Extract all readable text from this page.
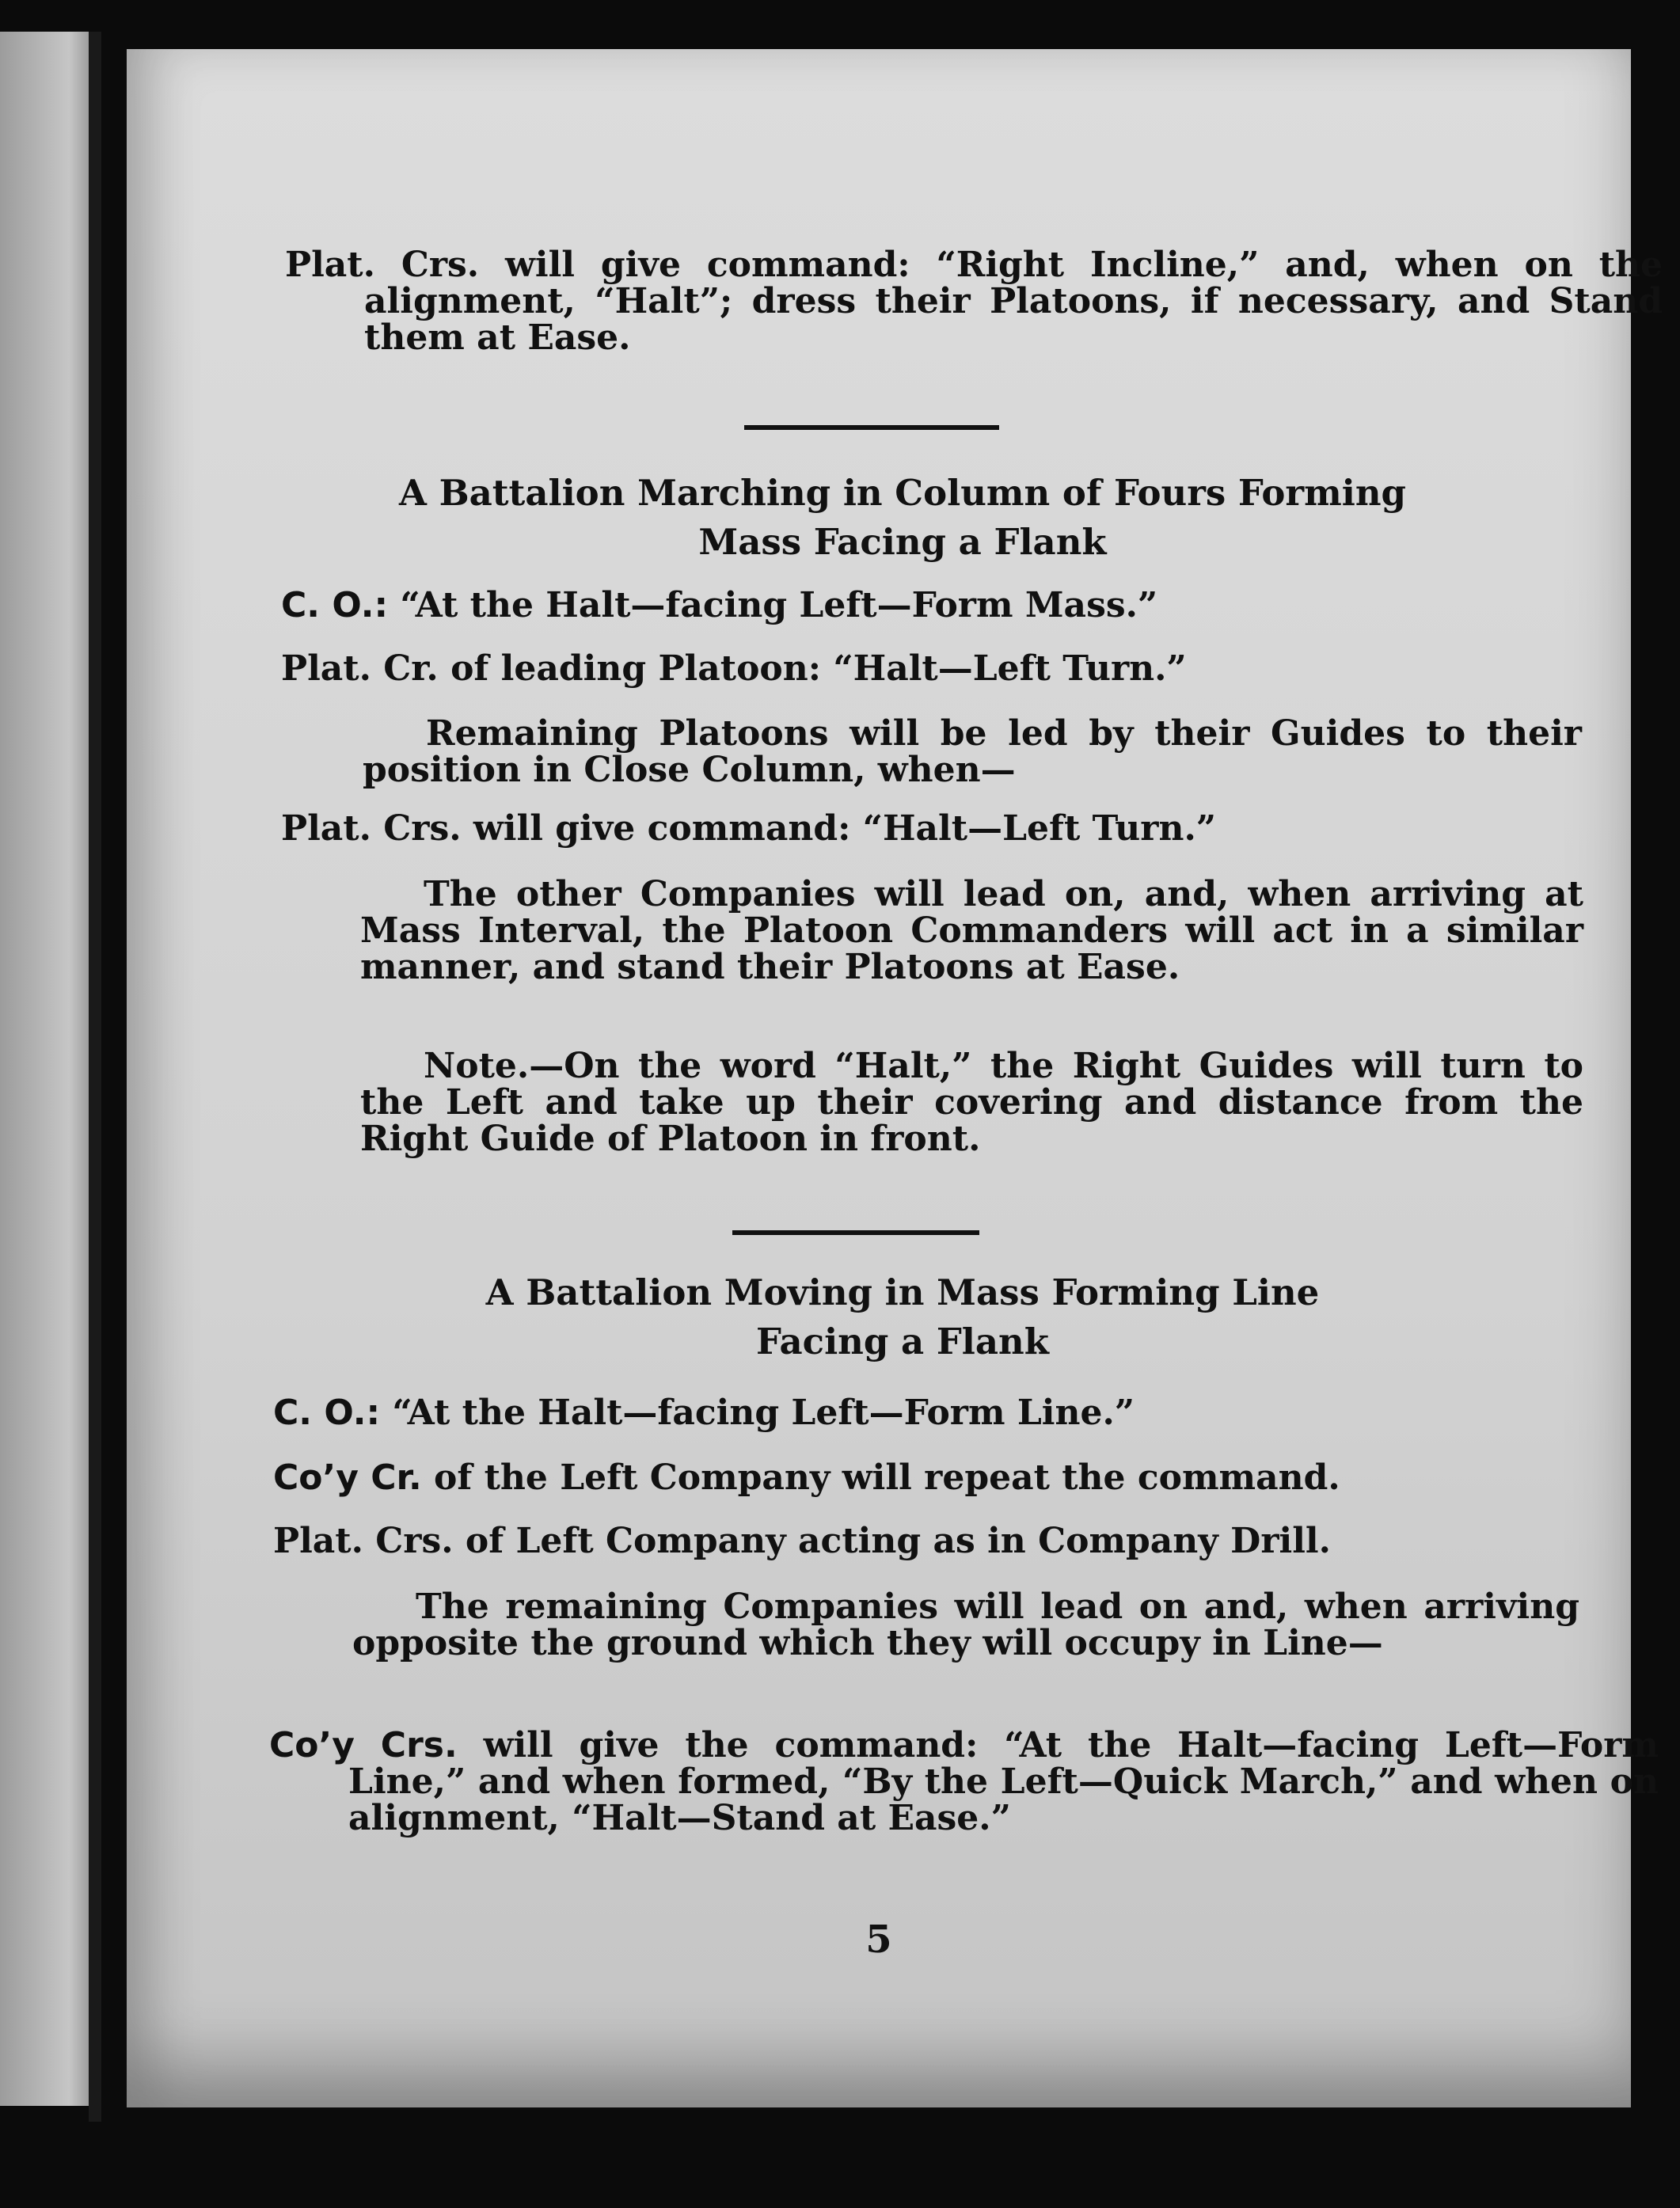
Plat. Crs. will give command: “Right Incline,” and, when on the alignment, “Halt”; dress their Platoons, if necessary, and Stand them at Ease.

A Battalion Marching in Column of Fours Forming
Mass Facing a Flank

C. O.: “At the Halt—facing Left—Form Mass.”

Plat. Cr. of leading Platoon: “Halt—Left Turn.”

Remaining Platoons will be led by their Guides to their position in Close Column, when—

Plat. Crs. will give command: “Halt—Left Turn.”

The other Companies will lead on, and, when arriving at Mass Interval, the Platoon Commanders will act in a similar manner, and stand their Platoons at Ease.

Note.—On the word “Halt,” the Right Guides will turn to the Left and take up their covering and distance from the Right Guide of Platoon in front.

A Battalion Moving in Mass Forming Line
Facing a Flank

C. O.: “At the Halt—facing Left—Form Line.”

Co’y Cr. of the Left Company will repeat the command.

Plat. Crs. of Left Company acting as in Company Drill.

The remaining Companies will lead on and, when arriving opposite the ground which they will occupy in Line—

Co’y Crs. will give the command: “At the Halt—facing Left—Form Line,” and when formed, “By the Left—Quick March,” and when on alignment, “Halt—Stand at Ease.”

5
